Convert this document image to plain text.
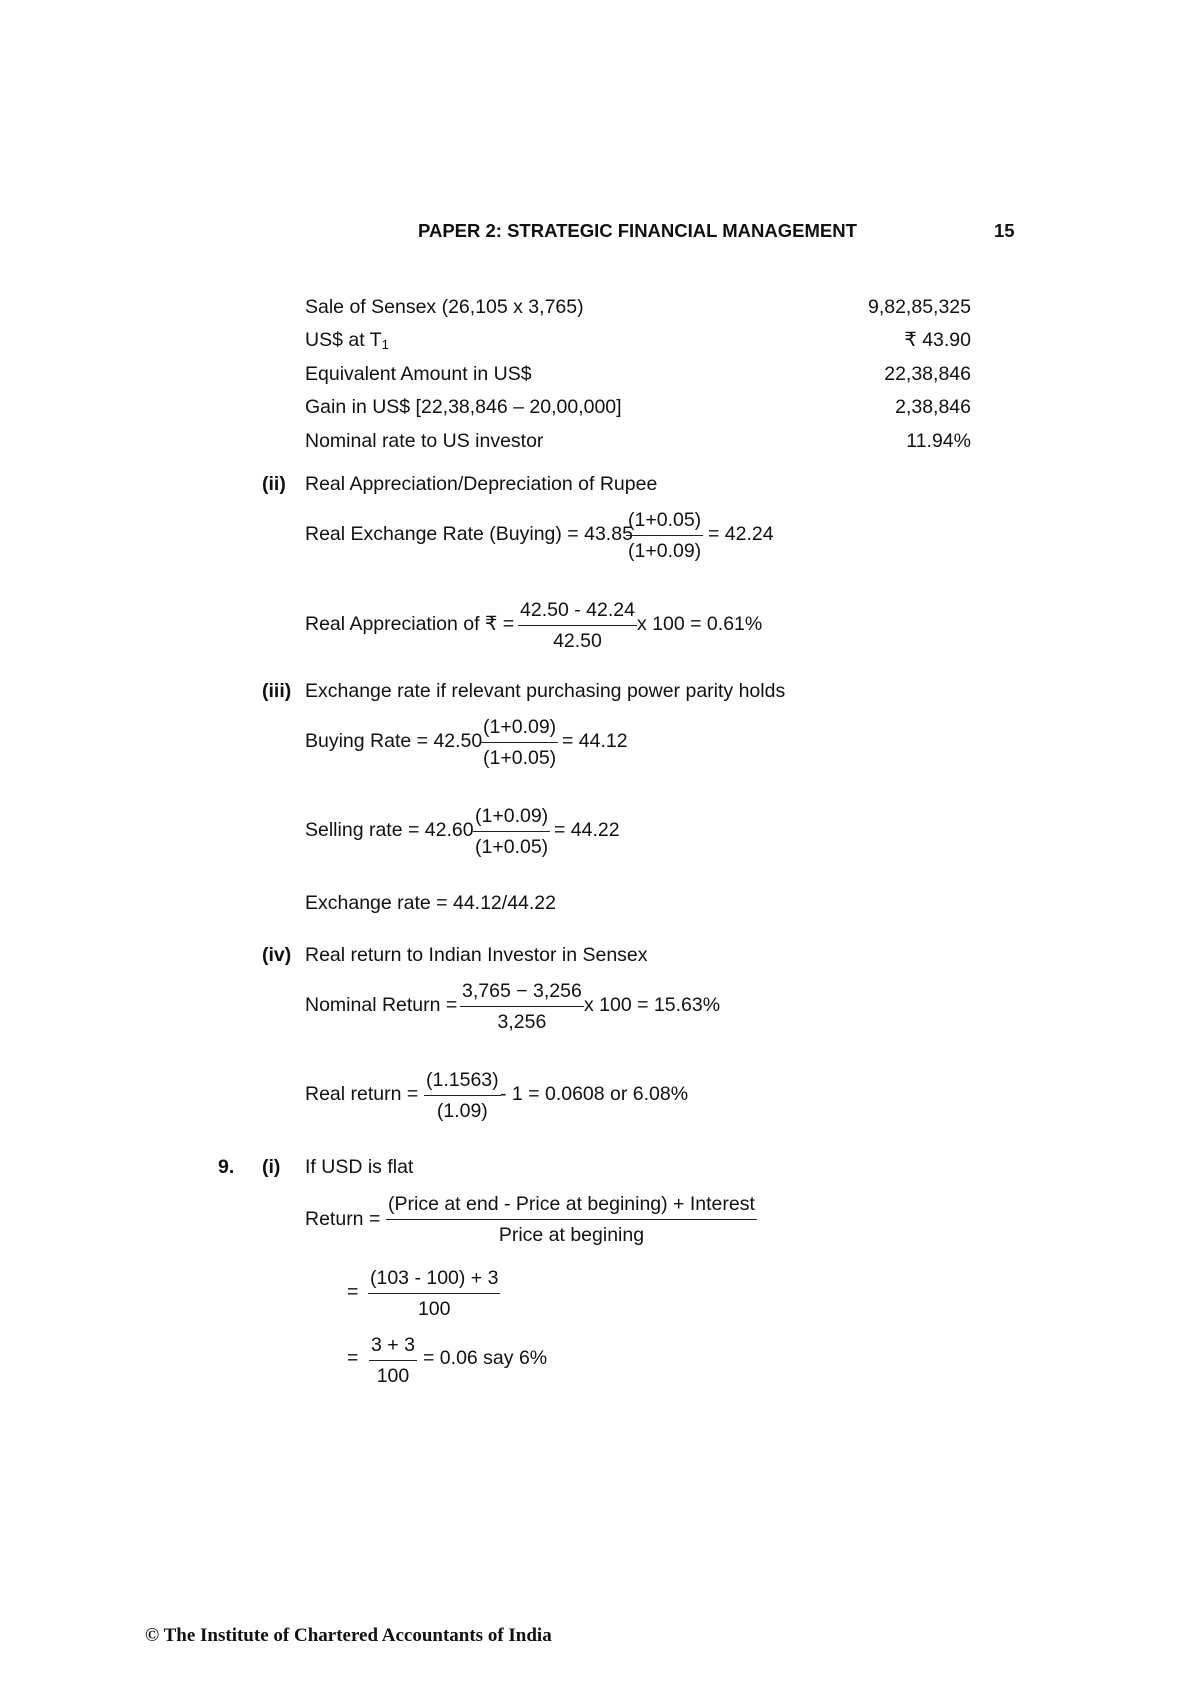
PAPER 2: STRATEGIC FINANCIAL MANAGEMENT	15
Sale of Sensex (26,105 x 3,765)	9,82,85,325
US$ at $T_1$	₹ 43.90
Equivalent Amount in US$	22,38,846
Gain in US$ [22,38,846 – 20,00,000]	2,38,846
Nominal rate to US investor	11.94%
(ii) Real Appreciation/Depreciation of Rupee
Real Exchange Rate (Buying) = 43.85
$\frac{(1+0.05)}{(1+0.09)} = 42.24$
Real Appreciation of ₹ = $\frac{42.50 - 42.24}{42.50}$ x 100 = 0.61%
(iii) Exchange rate if relevant purchasing power parity holds
Buying Rate = 42.50
$\frac{(1+0.09)}{(1+0.05)} = 44.12$
Selling rate = $42.60 \frac{(1+0.09)}{(1+0.05)} = 44.22$
Exchange rate = 44.12/44.22
(iv) Real return to Indian Investor in Sensex
Nominal Return = $\frac{3,765 - 3,256}{3,256}$ x 100 = 15.63%
Real return = $\frac{(1.1563)}{(1.09)} - 1 = 0.0608$ or 6.08%
9. (i) If USD is flat
Return =
(Price at end - Price at begining) + Interest
Price at begining
= $\frac{(103 - 100) + 3}{100}$
= $\frac{3 + 3}{100} = 0.06$ say 6%
© The Institute of Chartered Accountants of India
